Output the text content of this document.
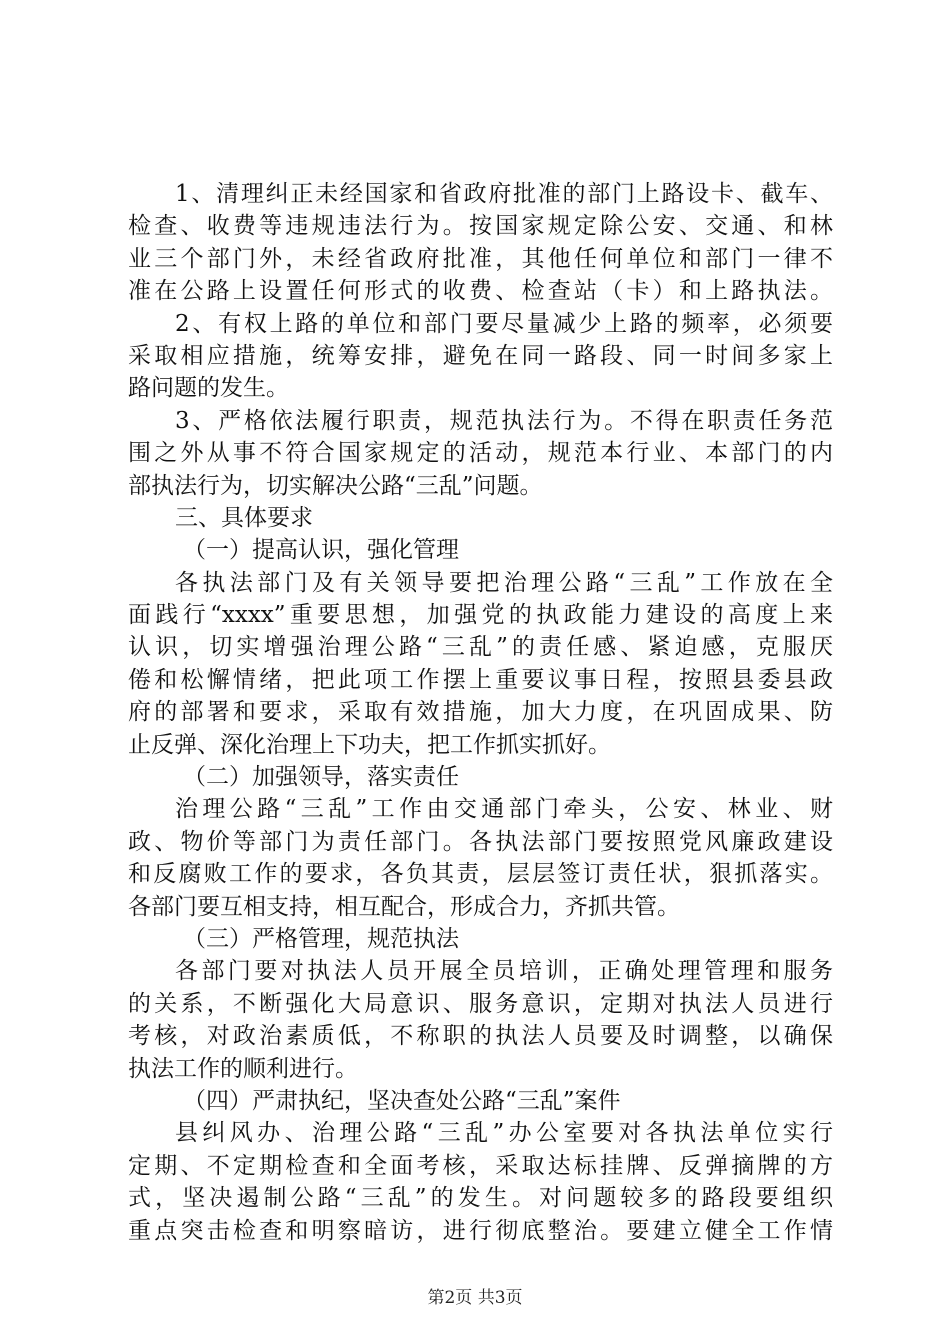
1、清理纠正未经国家和省政府批准的部门上路设卡、截车、
检查、收费等违规违法行为。按国家规定除公安、交通、和林
业三个部门外，未经省政府批准，其他任何单位和部门一律不
准在公路上设置任何形式的收费、检查站（卡）和上路执法。
2、有权上路的单位和部门要尽量减少上路的频率，必须要
采取相应措施，统筹安排，避免在同一路段、同一时间多家上
路问题的发生。
3、严格依法履行职责，规范执法行为。不得在职责任务范
围之外从事不符合国家规定的活动，规范本行业、本部门的内
部执法行为，切实解决公路“三乱”问题。
三、具体要求
（一）提高认识，强化管理
各执法部门及有关领导要把治理公路“三乱”工作放在全
面践行“xxxx”重要思想，加强党的执政能力建设的高度上来
认识，切实增强治理公路“三乱”的责任感、紧迫感，克服厌
倦和松懈情绪，把此项工作摆上重要议事日程，按照县委县政
府的部署和要求，采取有效措施，加大力度，在巩固成果、防
止反弹、深化治理上下功夫，把工作抓实抓好。
（二）加强领导，落实责任
治理公路“三乱”工作由交通部门牵头，公安、林业、财
政、物价等部门为责任部门。各执法部门要按照党风廉政建设
和反腐败工作的要求，各负其责，层层签订责任状，狠抓落实。
各部门要互相支持，相互配合，形成合力，齐抓共管。
（三）严格管理，规范执法
各部门要对执法人员开展全员培训，正确处理管理和服务
的关系，不断强化大局意识、服务意识，定期对执法人员进行
考核，对政治素质低，不称职的执法人员要及时调整，以确保
执法工作的顺利进行。
（四）严肃执纪，坚决查处公路“三乱”案件
县纠风办、治理公路“三乱”办公室要对各执法单位实行
定期、不定期检查和全面考核，采取达标挂牌、反弹摘牌的方
式，坚决遏制公路“三乱”的发生。对问题较多的路段要组织
重点突击检查和明察暗访，进行彻底整治。要建立健全工作情
第2页 共3页
